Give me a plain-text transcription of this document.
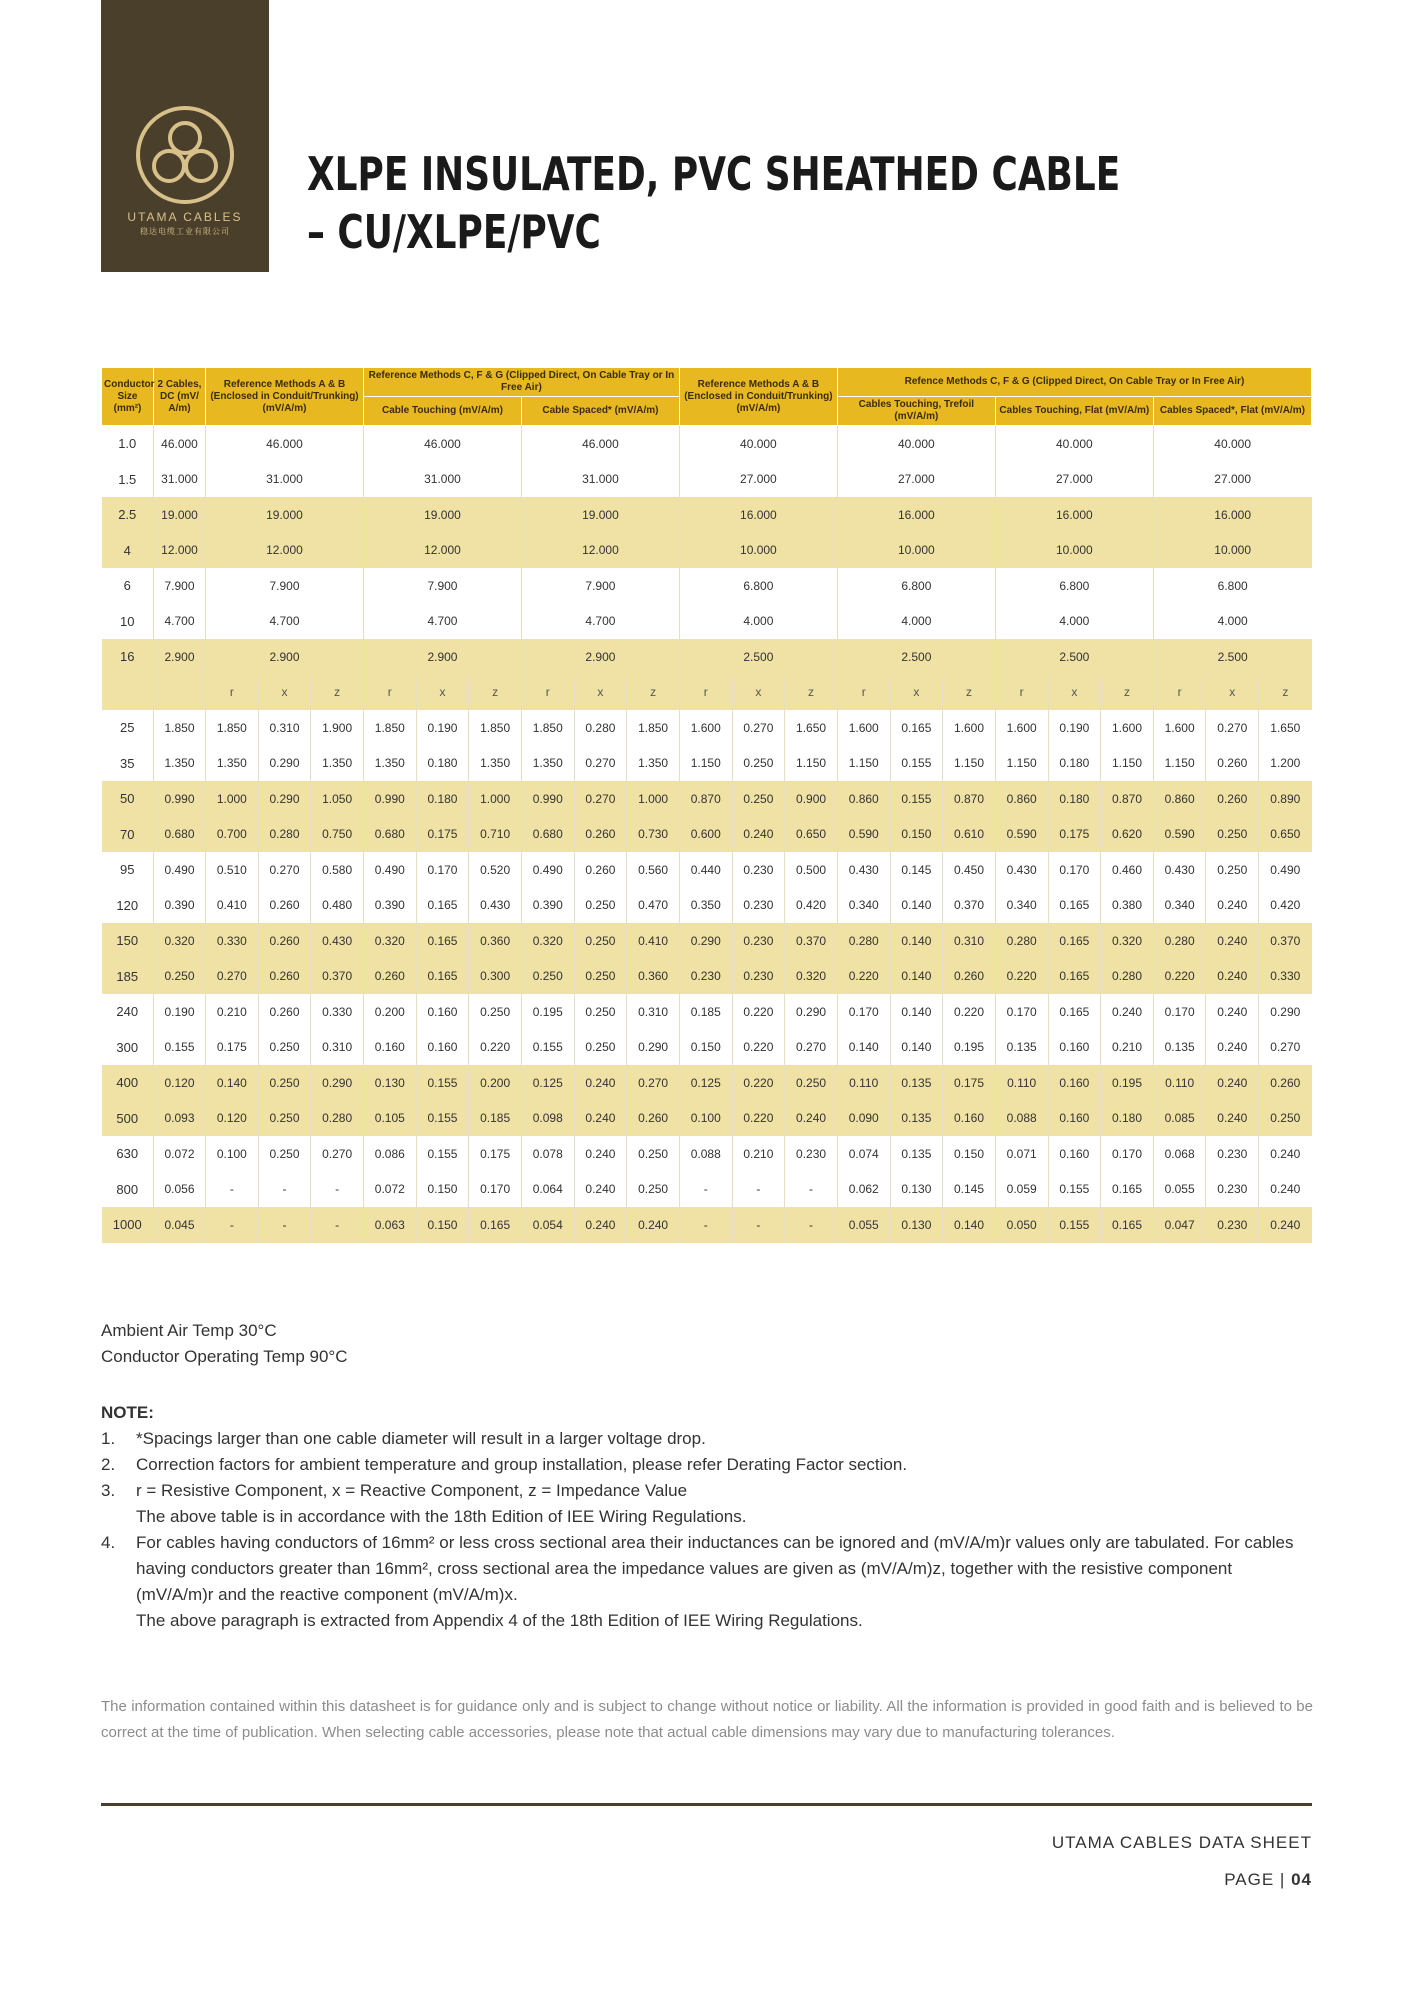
UTAMA CABLES
稳达电缆工业有限公司
XLPE INSULATED, PVC SHEATHED CABLE
– CU/XLPE/PVC
Conductor Size (mm²)	2 Cables, DC (mV/ A/m)	Reference Methods A & B (Enclosed in Conduit/Trunking) (mV/A/m)			Reference Methods C, F & G (Clipped Direct, On Cable Tray or In Free Air)						Reference Methods A & B (Enclosed in Conduit/Trunking) (mV/A/m)			Refence Methods C, F & G (Clipped Direct, On Cable Tray or In Free Air)								
					Cable Touching (mV/A/m)			Cable Spaced* (mV/A/m)						Cables Touching, Trefoil (mV/A/m)			Cables Touching, Flat (mV/A/m)			Cables Spaced*, Flat (mV/A/m)		
1.0	46.000	46.000			46.000			46.000			40.000			40.000			40.000			40.000		
1.5	31.000	31.000			31.000			31.000			27.000			27.000			27.000			27.000		
2.5	19.000	19.000			19.000			19.000			16.000			16.000			16.000			16.000		
4	12.000	12.000			12.000			12.000			10.000			10.000			10.000			10.000		
6	7.900	7.900			7.900			7.900			6.800			6.800			6.800			6.800		
10	4.700	4.700			4.700			4.700			4.000			4.000			4.000			4.000		
16	2.900	2.900			2.900			2.900			2.500			2.500			2.500			2.500		
		r	x	z	r	x	z	r	x	z	r	x	z	r	x	z	r	x	z	r	x	z
25	1.850	1.850	0.310	1.900	1.850	0.190	1.850	1.850	0.280	1.850	1.600	0.270	1.650	1.600	0.165	1.600	1.600	0.190	1.600	1.600	0.270	1.650
35	1.350	1.350	0.290	1.350	1.350	0.180	1.350	1.350	0.270	1.350	1.150	0.250	1.150	1.150	0.155	1.150	1.150	0.180	1.150	1.150	0.260	1.200
50	0.990	1.000	0.290	1.050	0.990	0.180	1.000	0.990	0.270	1.000	0.870	0.250	0.900	0.860	0.155	0.870	0.860	0.180	0.870	0.860	0.260	0.890
70	0.680	0.700	0.280	0.750	0.680	0.175	0.710	0.680	0.260	0.730	0.600	0.240	0.650	0.590	0.150	0.610	0.590	0.175	0.620	0.590	0.250	0.650
95	0.490	0.510	0.270	0.580	0.490	0.170	0.520	0.490	0.260	0.560	0.440	0.230	0.500	0.430	0.145	0.450	0.430	0.170	0.460	0.430	0.250	0.490
120	0.390	0.410	0.260	0.480	0.390	0.165	0.430	0.390	0.250	0.470	0.350	0.230	0.420	0.340	0.140	0.370	0.340	0.165	0.380	0.340	0.240	0.420
150	0.320	0.330	0.260	0.430	0.320	0.165	0.360	0.320	0.250	0.410	0.290	0.230	0.370	0.280	0.140	0.310	0.280	0.165	0.320	0.280	0.240	0.370
185	0.250	0.270	0.260	0.370	0.260	0.165	0.300	0.250	0.250	0.360	0.230	0.230	0.320	0.220	0.140	0.260	0.220	0.165	0.280	0.220	0.240	0.330
240	0.190	0.210	0.260	0.330	0.200	0.160	0.250	0.195	0.250	0.310	0.185	0.220	0.290	0.170	0.140	0.220	0.170	0.165	0.240	0.170	0.240	0.290
300	0.155	0.175	0.250	0.310	0.160	0.160	0.220	0.155	0.250	0.290	0.150	0.220	0.270	0.140	0.140	0.195	0.135	0.160	0.210	0.135	0.240	0.270
400	0.120	0.140	0.250	0.290	0.130	0.155	0.200	0.125	0.240	0.270	0.125	0.220	0.250	0.110	0.135	0.175	0.110	0.160	0.195	0.110	0.240	0.260
500	0.093	0.120	0.250	0.280	0.105	0.155	0.185	0.098	0.240	0.260	0.100	0.220	0.240	0.090	0.135	0.160	0.088	0.160	0.180	0.085	0.240	0.250
630	0.072	0.100	0.250	0.270	0.086	0.155	0.175	0.078	0.240	0.250	0.088	0.210	0.230	0.074	0.135	0.150	0.071	0.160	0.170	0.068	0.230	0.240
800	0.056	-	-	-	0.072	0.150	0.170	0.064	0.240	0.250	-	-	-	0.062	0.130	0.145	0.059	0.155	0.165	0.055	0.230	0.240
1000	0.045	-	-	-	0.063	0.150	0.165	0.054	0.240	0.240	-	-	-	0.055	0.130	0.140	0.050	0.155	0.165	0.047	0.230	0.240
Ambient Air Temp 30°C
Conductor Operating Temp 90°C
NOTE:
1.	*Spacings larger than one cable diameter will result in a larger voltage drop.
2.	Correction factors for ambient temperature and group installation, please refer Derating Factor section.
3.	r = Resistive Component, x = Reactive Component, z = Impedance Value
The above table is in accordance with the 18th Edition of IEE Wiring Regulations.
4.	For cables having conductors of 16mm² or less cross sectional area their inductances can be ignored and (mV/A/m)r values only are tabulated. For cables having conductors greater than 16mm², cross sectional area the impedance values are given as (mV/A/m)z, together with the resistive component (mV/A/m)r and the reactive component (mV/A/m)x.
The above paragraph is extracted from Appendix 4 of the 18th Edition of IEE Wiring Regulations.
The information contained within this datasheet is for guidance only and is subject to change without notice or liability. All the information is provided in good faith and is believed to be correct at the time of publication. When selecting cable accessories, please note that actual cable dimensions may vary due to manufacturing tolerances.
UTAMA CABLES DATA SHEET
PAGE | 04
